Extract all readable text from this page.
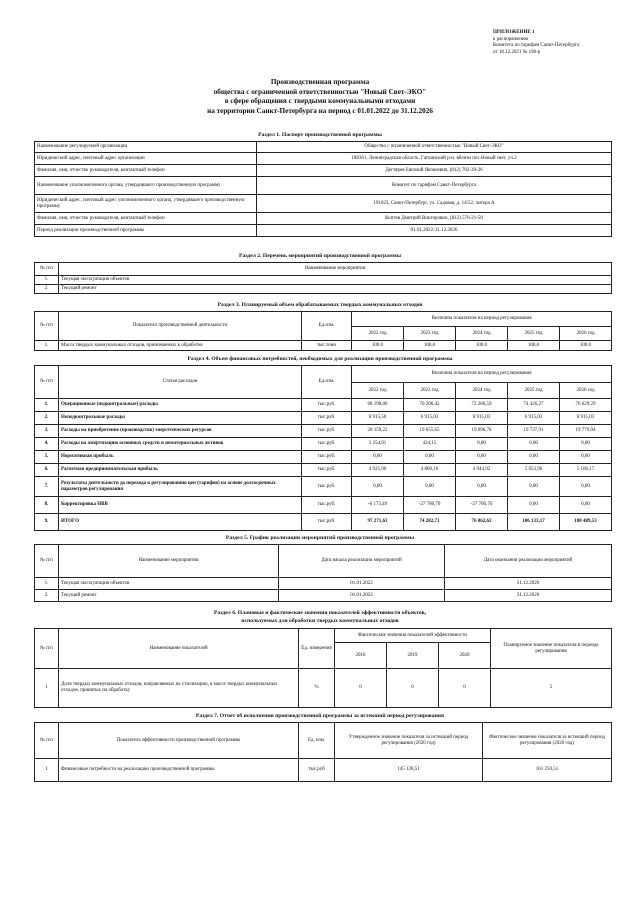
ПРИЛОЖЕНИЕ 1
к распоряжению
Комитета по тарифам Санкт-Петербурга
от 18.12.2021 № 190-р
Производственная программа
общества с ограниченной ответственностью "Новый Свет-ЭКО"
в сфере обращения с твердыми коммунальными отходами
на территории Санкт-Петербурга на период с 01.01.2022 до 31.12.2026
Раздел 1. Паспорт производственной программы
Наименование регулируемой организации	Общество с ограниченной ответственностью "Новый Свет-ЭКО"
Юридический адрес, почтовый адрес организации	188361, Ленинградская область, Гатчинский р-н, вблизи пос.Новый свет, уч.2
Фамилия, имя, отчество руководителя, контактный телефон	Дегтярев Евгений Яковлевич, (812) 702-39-26
Наименование уполномоченного органа, утвердившего производственную программу	Комитет по тарифам Санкт-Петербурга
Юридический адрес, почтовый адрес уполномоченного органа, утвердившего производственную программу	191023, Санкт-Петербург, ул. Садовая, д. 14/52, литера А
Фамилия, имя, отчество руководителя, контактный телефон	Коптев Дмитрий Викторович, (812) 576-21-50
Период реализации производственной программы	01.01.2022-31.12.2026
Раздел 2. Перечень мероприятий производственной программы
№ п/п	Наименование мероприятия
1.	Текущая эксплуатация объектов
2.	Текущий ремонт
Раздел 3. Планируемый объем обрабатываемых твердых коммунальных отходов
№ п/п	Показатели производственной деятельности	Ед.изм.	Величина показателя на период регулирования				
			2022 год	2023 год	2024 год	2025 год	2026 год
1.	Масса твердых коммунальных отходов, принимаемых к обработке	тыс.тонн	100,0	100,0	100,0	100,0	100,0
Раздел 4. Объем финансовых потребностей, необходимых для реализации производственной программы
№ п/п	Статья расходов	Ед.изм.	Величина показателя на период регулирования				
			2022 год	2023 год	2024 год	2025 год	2026 год
1.	Операционные (подконтрольные) расходы	тыс.руб.	68 190,00	70 206,42	72 286,59	74 426,27	76 629,29
2.	Неподконтрольные расходы	тыс.руб.	6 915,50	6 915,03	6 915,03	6 915,03	6 915,03
3.	Расходы на приобретение (производство) энергетических ресурсов	тыс.руб.	20 159,22	19 655,65	19 696,78	19 737,91	19 779,04
4.	Расходы на амортизацию основных средств и нематериальных активов	тыс.руб.	3 254,91	424,15	0,00	0,00	0,00
5.	Нормативная прибыль	тыс.руб.	0,00	0,00	0,00	0,00	0,00
6.	Расчетная предпринимательская прибыль	тыс.руб.	4 925,96	4 860,16	4 944,92	5 053,96	5 166,17
7.	Результаты деятельности до перехода к регулированию цен (тарифов) на основе долгосрочных параметров регулирования	тыс.руб.	0,00	0,00	0,00	0,00	0,00
8.	Корректировка НВВ	тыс.руб.	-6 173,49	-27 780,70	-27 780,70	0,00	0,00
9.	ИТОГО	тыс.руб.	97 271,63	74 282,71	76 062,62	106 133,17	108 489,53
Раздел 5. График реализации мероприятий производственной программы
№ п/п	Наименование мероприятия	Дата начала реализации мероприятий	Дата окончания реализации мероприятий
1.	Текущая эксплуатация объектов	01.01.2022	31.12.2026
2.	Текущий ремонт	01.01.2022	31.12.2026
Раздел 6. Плановые и фактические значения показателей эффективности объектов,
используемых для обработки твердых коммунальных отходов
№ п/п	Наименование показателей	Ед. измерения	Фактические значения показателей эффективности			Планируемое значение показателя в периоде регулирования
			2018	2019	2020	
1	Доля твердых коммунальных отходов, направляемых на утилизацию, в массе твердых коммунальных отходов, принятых на обработку	%	0	0	0	5
Раздел 7. Отчет об исполнении производственной программы за истекший период регулирования
№ п/п	Показатель эффективности производственной программы	Ед. изм.	Утвержденное значение показателя за истекший период регулирования (2020 год)	Фактическое значение показателя за истекший период регулирования (2020 год)
1	Финансовые потребности на реализацию производственной программы	тыс.руб	145 128,51	161 250,51
